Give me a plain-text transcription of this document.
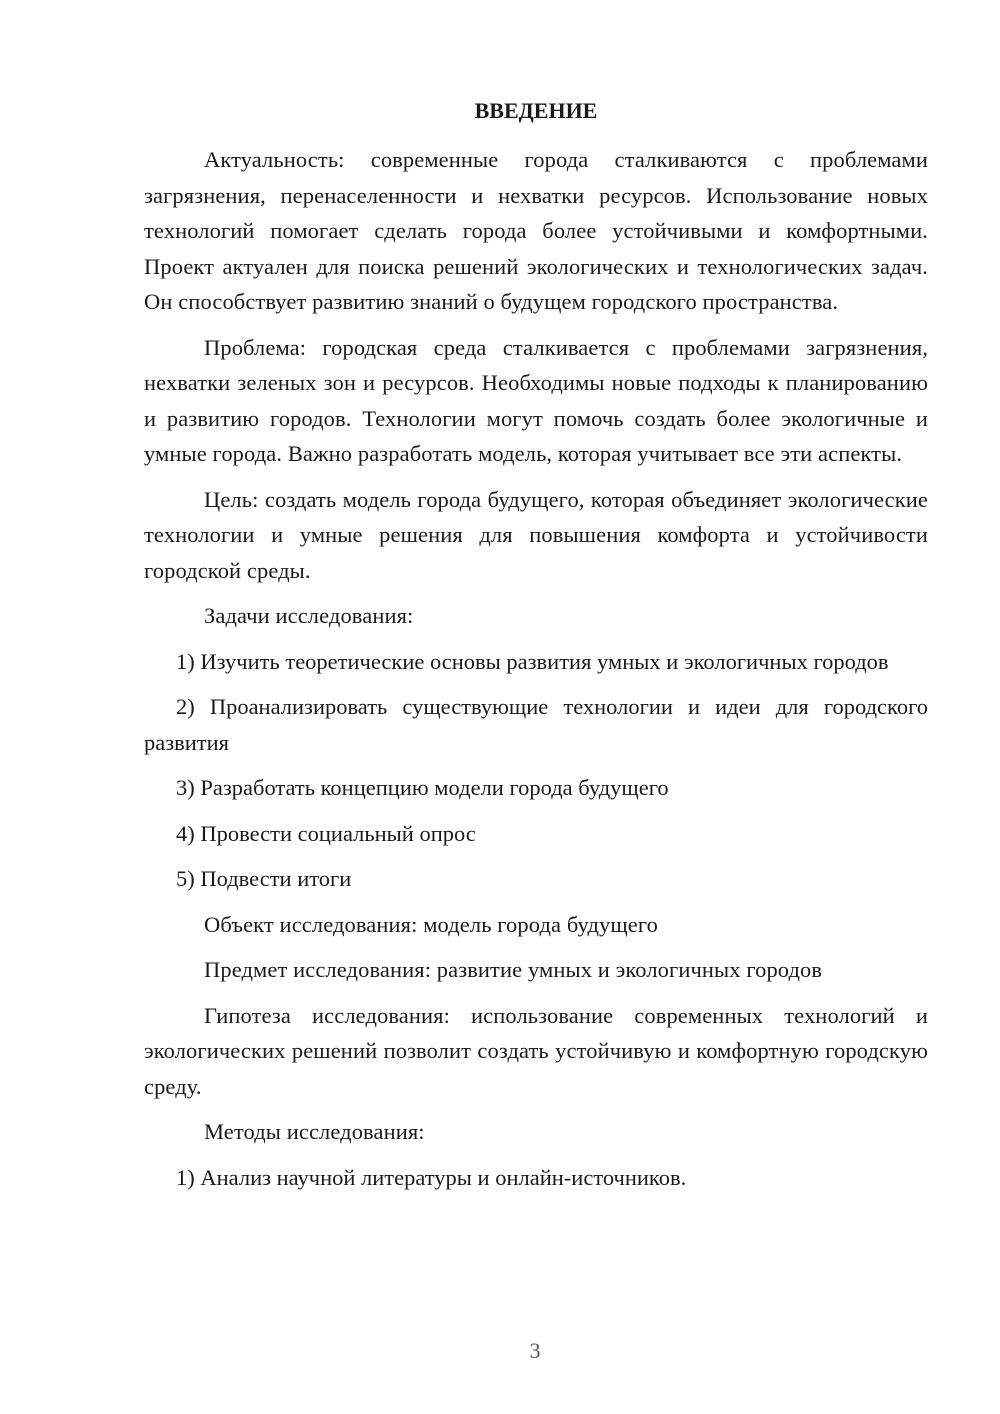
ВВЕДЕНИЕ

Актуальность: современные города сталкиваются с проблемами загрязнения, перенаселенности и нехватки ресурсов. Использование новых технологий помогает сделать города более устойчивыми и комфортными. Проект актуален для поиска решений экологических и технологических задач. Он способствует развитию знаний о будущем городского пространства.

Проблема: городская среда сталкивается с проблемами загрязнения, нехватки зеленых зон и ресурсов. Необходимы новые подходы к планированию и развитию городов. Технологии могут помочь создать более экологичные и умные города. Важно разработать модель, которая учитывает все эти аспекты.

Цель: создать модель города будущего, которая объединяет экологические технологии и умные решения для повышения комфорта и устойчивости городской среды.

Задачи исследования:

1) Изучить теоретические основы развития умных и экологичных городов

2) Проанализировать существующие технологии и идеи для городского развития

3) Разработать концепцию модели города будущего

4) Провести социальный опрос

5) Подвести итоги

Объект исследования: модель города будущего

Предмет исследования: развитие умных и экологичных городов

Гипотеза исследования: использование современных технологий и экологических решений позволит создать устойчивую и комфортную городскую среду.

Методы исследования:

1) Анализ научной литературы и онлайн-источников.

3
